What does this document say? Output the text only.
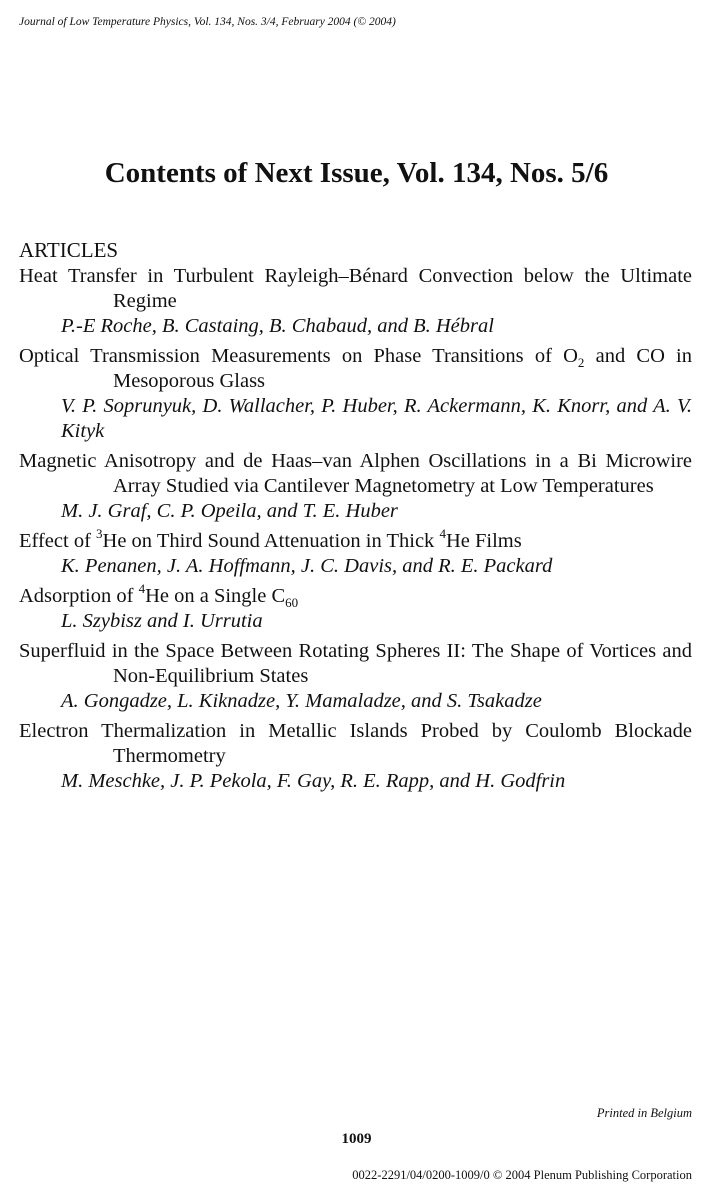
Journal of Low Temperature Physics, Vol. 134, Nos. 3/4, February 2004 (© 2004)
Contents of Next Issue, Vol. 134, Nos. 5/6
ARTICLES
Heat Transfer in Turbulent Rayleigh–Bénard Convection below the Ultimate Regime
P.-E Roche, B. Castaing, B. Chabaud, and B. Hébral
Optical Transmission Measurements on Phase Transitions of $O_2$ and CO in Mesoporous Glass
V. P. Soprunyuk, D. Wallacher, P. Huber, R. Ackermann, K. Knorr, and A. V. Kityk
Magnetic Anisotropy and de Haas–van Alphen Oscillations in a Bi Microwire Array Studied via Cantilever Magnetometry at Low Temperatures
M. J. Graf, C. P. Opeila, and T. E. Huber
Effect of $^3$He on Third Sound Attenuation in Thick $^4$He Films
K. Penanen, J. A. Hoffmann, J. C. Davis, and R. E. Packard
Adsorption of $^4$He on a Single $C_{60}$
L. Szybisz and I. Urrutia
Superfluid in the Space Between Rotating Spheres II: The Shape of Vortices and Non-Equilibrium States
A. Gongadze, L. Kiknadze, Y. Mamaladze, and S. Tsakadze
Electron Thermalization in Metallic Islands Probed by Coulomb Blockade Thermometry
M. Meschke, J. P. Pekola, F. Gay, R. E. Rapp, and H. Godfrin
Printed in Belgium
1009
0022-2291/04/0200-1009/0 © 2004 Plenum Publishing Corporation
